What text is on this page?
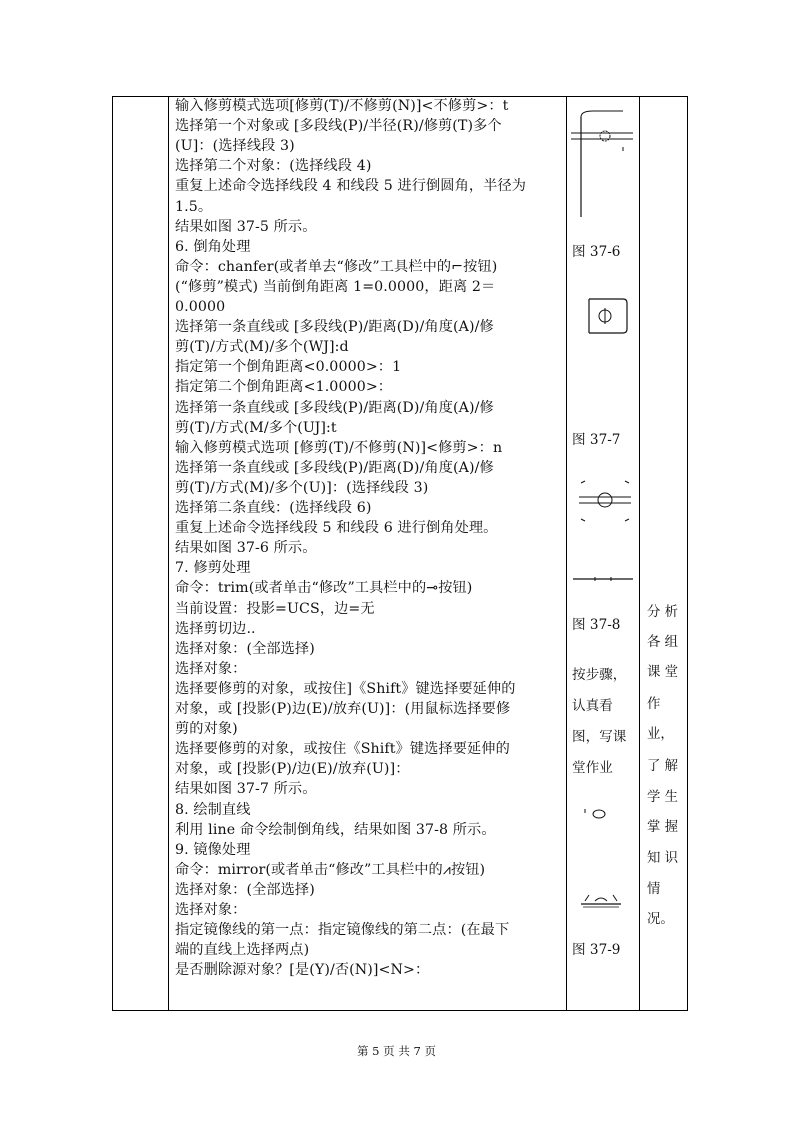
输入修剪模式选项[修剪(T)/不修剪(N)]<不修剪>：t
选择第一个对象或 [多段线(P)/半径(R)/修剪(T)多个
(U]：(选择线段 3)
选择第二个对象：(选择线段 4)
重复上述命令选择线段 4 和线段 5 进行倒圆角，半径为
1.5。
结果如图 37-5 所示。
6. 倒角处理
命令：chanfer(或者单去“修改”工具栏中的⌐按钮)
(“修剪”模式) 当前倒角距离 1=0.0000，距离 2＝
0.0000
选择第一条直线或 [多段线(P)/距离(D)/角度(A)/修
剪(T)/方式(M)/多个(WJ]:d
指定第一个倒角距离<0.0000>：1
指定第二个倒角距离<1.0000>：
选择第一条直线或 [多段线(P)/距离(D)/角度(A)/修
剪(T)/方式(M/多个(UJ]:t
输入修剪模式选项 [修剪(T)/不修剪(N)]<修剪>：n
选择第一条直线或 [多段线(P)/距离(D)/角度(A)/修
剪(T)/方式(M)/多个(U)]：(选择线段 3)
选择第二条直线：(选择线段 6)
重复上述命令选择线段 5 和线段 6 进行倒角处理。
结果如图 37-6 所示。
7. 修剪处理
命令：trim(或者单击“修改”工具栏中的⊸按钮)
当前设置：投影=UCS，边=无
选择剪切边..
选择对象：(全部选择)
选择对象：
选择要修剪的对象，或按住]《Shift》键选择要延伸的
对象，或 [投影(P)边(E)/放弃(U)]：(用鼠标选择要修
剪的对象)
选择要修剪的对象，或按住《Shift》键选择要延伸的
对象，或 [投影(P)/边(E)/放弃(U)]：
结果如图 37-7 所示。
8. 绘制直线
利用 line 命令绘制倒角线，结果如图 37-8 所示。
9. 镜像处理
命令：mirror(或者单击“修改”工具栏中的⩘按钮)
选择对象：(全部选择)
选择对象：
指定镜像线的第一点：指定镜像线的第二点：(在最下
端的直线上选择两点)
是否删除源对象？[是(Y)/否(N)]<N>：
图 37-6
图 37-7
图 37-8
按步骤，
认真看
图，写课
堂作业
图 37-9
分 析
各 组
课 堂
作
业，
了 解
学 生
掌 握
知 识
情
况。
第 5 页 共 7 页
